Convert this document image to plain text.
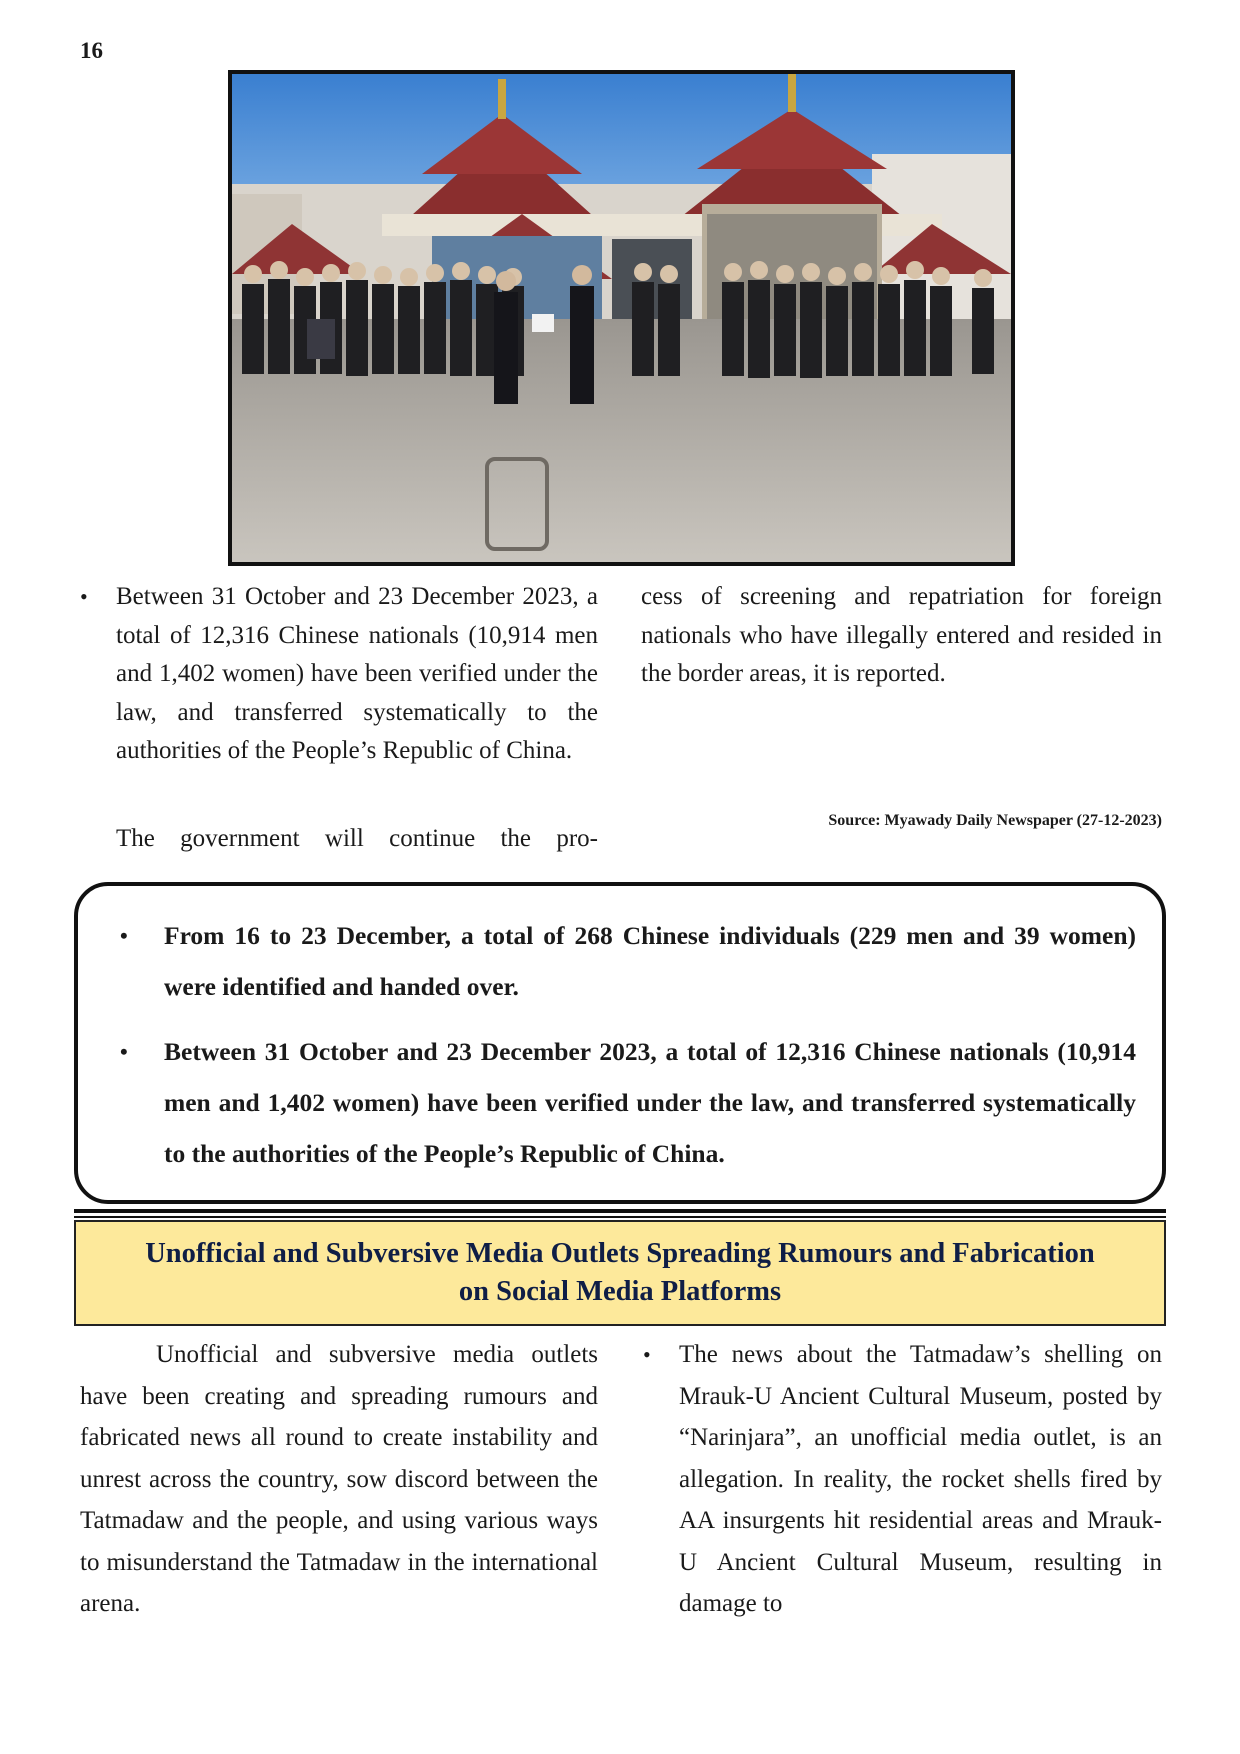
16

• Between 31 October and 23 December 2023, a total of 12,316 Chinese nationals (10,914 men and 1,402 women) have been verified under the law, and transferred systematically to the authorities of the People’s Republic of China.

The government will continue the pro-

cess of screening and repatriation for foreign nationals who have illegally entered and resided in the border areas, it is reported.

Source: Myawady Daily Newspaper (27-12-2023)

• From 16 to 23 December, a total of 268 Chinese individuals (229 men and 39 women) were identified and handed over.

• Between 31 October and 23 December 2023, a total of 12,316 Chinese nationals (10,914 men and 1,402 women) have been verified under the law, and transferred systematically to the authorities of the People’s Republic of China.

Unofficial and Subversive Media Outlets Spreading Rumours and Fabrication
on Social Media Platforms

Unofficial and subversive media outlets have been creating and spreading rumours and fabricated news all round to create instability and unrest across the country, sow discord between the Tatmadaw and the people, and using various ways to misunderstand the Tatmadaw in the international arena.

• The news about the Tatmadaw’s shelling on Mrauk-U Ancient Cultural Museum, posted by “Narinjara”, an unofficial media outlet, is an allegation. In reality, the rocket shells fired by AA insurgents hit residential areas and Mrauk-U Ancient Cultural Museum, resulting in damage to
